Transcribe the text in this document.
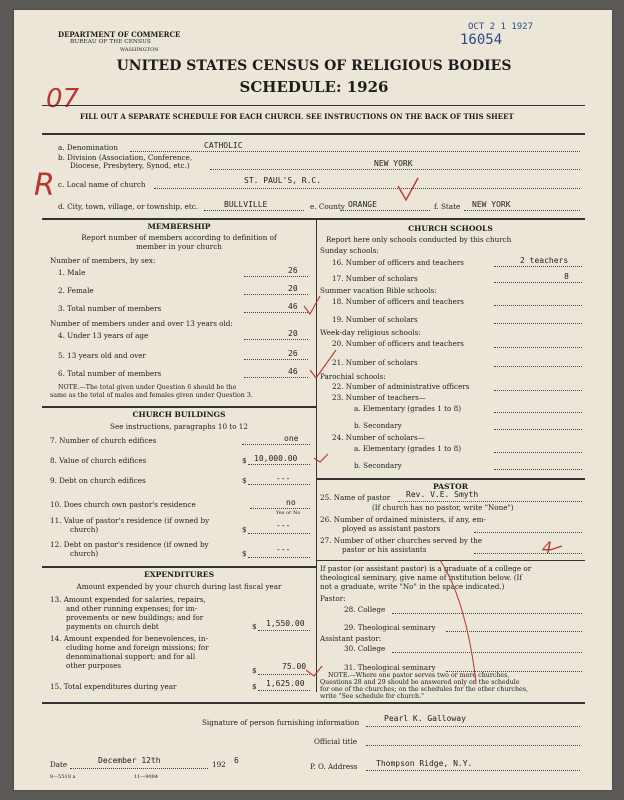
DEPARTMENT OF COMMERCE
BUREAU OF THE CENSUS
WASHINGTON
OCT 2 1 1927
16054
UNITED STATES CENSUS OF RELIGIOUS BODIES
SCHEDULE: 1926
07
FILL OUT A SEPARATE SCHEDULE FOR EACH CHURCH. SEE INSTRUCTIONS ON THE BACK OF THIS SHEET
a. Denomination	CATHOLIC
b. Division (Association, Conference,
Diocese, Presbytery, Synod, etc.)	NEW YORK
c. Local name of church	ST. PAUL'S, R.C.
R
d. City, town, village, or township, etc.	BULLVILLE	e. County ORANGE	f. State NEW YORK
MEMBERSHIP
Report number of members according to definition of
member in your church
Number of members, by sex:
1. Male	26
2. Female	20
3. Total number of members	46
Number of members under and over 13 years old:
4. Under 13 years of age	20
5. 13 years old and over	26
6. Total number of members	46
NOTE.—The total given under Question 6 should be the
same as the total of males and females given under Question 3.
CHURCH BUILDINGS
See instructions, paragraphs 10 to 12
7. Number of church edifices	one
8. Value of church edifices	$ 10,000.00
9. Debt on church edifices	$	---
10. Does church own pastor's residence	no
Yes or No
11. Value of pastor's residence (if owned by
church)	$	---
12. Debt on pastor's residence (if owned by
church)	$	---
EXPENDITURES
Amount expended by your church during last fiscal year
13. Amount expended for salaries, repairs,
and other running expenses; for im-
provements or new buildings; and for
payments on church debt	$ 1,550.00
14. Amount expended for benevolences, in-
cluding home and foreign missions; for
denominational support; and for all
other purposes
$	75.00
15. Total expenditures during year	$ 1,625.00
CHURCH SCHOOLS
Report here only schools conducted by this church
Sunday schools:
16. Number of officers and teachers	2 teachers
17. Number of scholars	8
Summer vacation Bible schools:
18. Number of officers and teachers
19. Number of scholars
Week-day religious schools:
20. Number of officers and teachers
21. Number of scholars
Parochial schools:
22. Number of administrative officers
23. Number of teachers—
a. Elementary (grades 1 to 8)
b. Secondary
24. Number of scholars—
a. Elementary (grades 1 to 8)
b. Secondary
PASTOR
25. Name of pastor Rev. V.E. Smyth
(If church has no pastor, write "None")
26. Number of ordained ministers, if any, em-
ployed as assistant pastors
27. Number of other churches served by the
pastor or his assistants	4
If pastor (or assistant pastor) is a graduate of a college or
theological seminary, give name of institution below. (If
not a graduate, write "No" in the space indicated.)
Pastor:
28. College
29. Theological seminary
Assistant pastor:
30. College
31. Theological seminary
NOTE.—Where one pastor serves two or more churches,
Questions 28 and 29 should be answered only on the schedule
for one of the churches; on the schedules for the other churches,
write "See schedule for church."
Signature of person furnishing information	Pearl K. Galloway
Official title
Date	December 12th	192 6
P. O. Address Thompson Ridge, N.Y.
8—5518 a	11—9084
